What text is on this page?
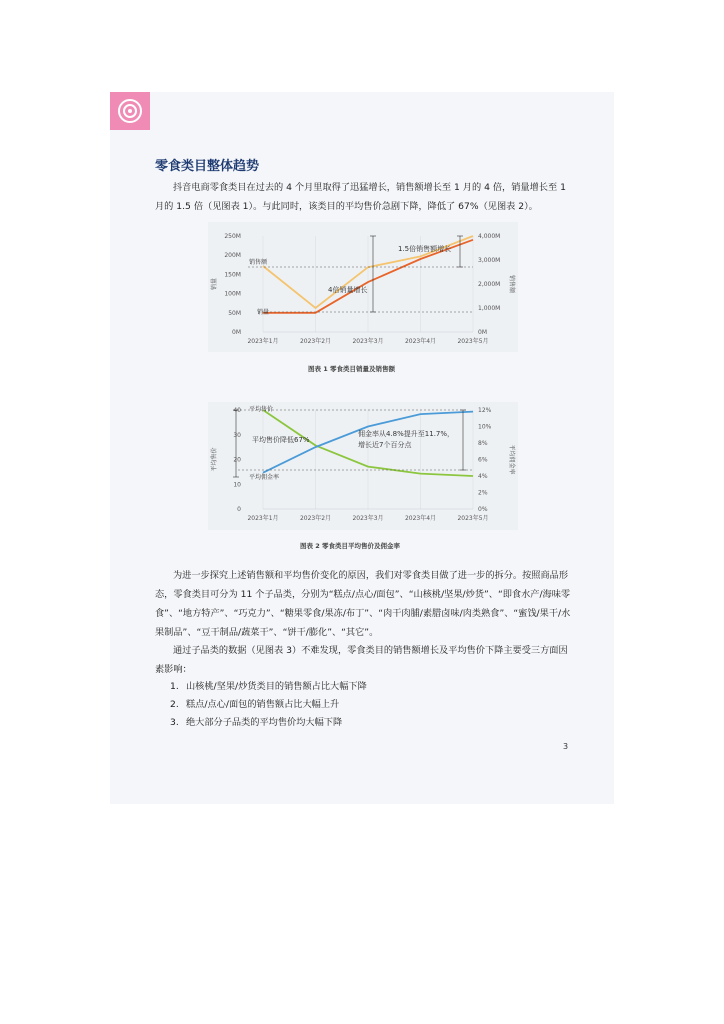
零食类目整体趋势
抖音电商零食类目在过去的 4 个月里取得了迅猛增长，销售额增长至 1 月的 4 倍，销量增长至 1 月的 1.5 倍（见图表 1）。与此同时，该类目的平均售价急剧下降，降低了 67%（见图表 2）。
250M
200M
150M
100M
50M
0M
4,000M
3,000M
2,000M
1,000M
0M
2023年1月	2023年2月	2023年3月	2023年4月	2023年5月
销量	销售额
销售额
销量
1.5倍销售额增长
4倍销量增长
图表 1 零食类目销量及销售额
40
30
20
10
0
12%
10%
8%
6%
4%
2%
0%
2023年1月	2023年2月	2023年3月	2023年4月	2023年5月
平均售价	平均佣金率
平均售价
平均佣金率
平均售价降低67%
佣金率从4.8%提升至11.7%，
增长近7个百分点
图表 2 零食类目平均售价及佣金率
为进一步探究上述销售额和平均售价变化的原因，我们对零食类目做了进一步的拆分。按照商品形态，零食类目可分为 11 个子品类，分别为“糕点/点心/面包”、“山核桃/坚果/炒货”、“即食水产/海味零食”、“地方特产”、“巧克力”、“糖果零食/果冻/布丁”、“肉干肉脯/素腊卤味/肉类熟食”、“蜜饯/果干/水果制品”、“豆干制品/蔬菜干”、“饼干/膨化”、“其它”。
通过子品类的数据（见图表 3）不难发现，零食类目的销售额增长及平均售价下降主要受三方面因素影响：
1. 山核桃/坚果/炒货类目的销售额占比大幅下降
2. 糕点/点心/面包的销售额占比大幅上升
3. 绝大部分子品类的平均售价均大幅下降
3
